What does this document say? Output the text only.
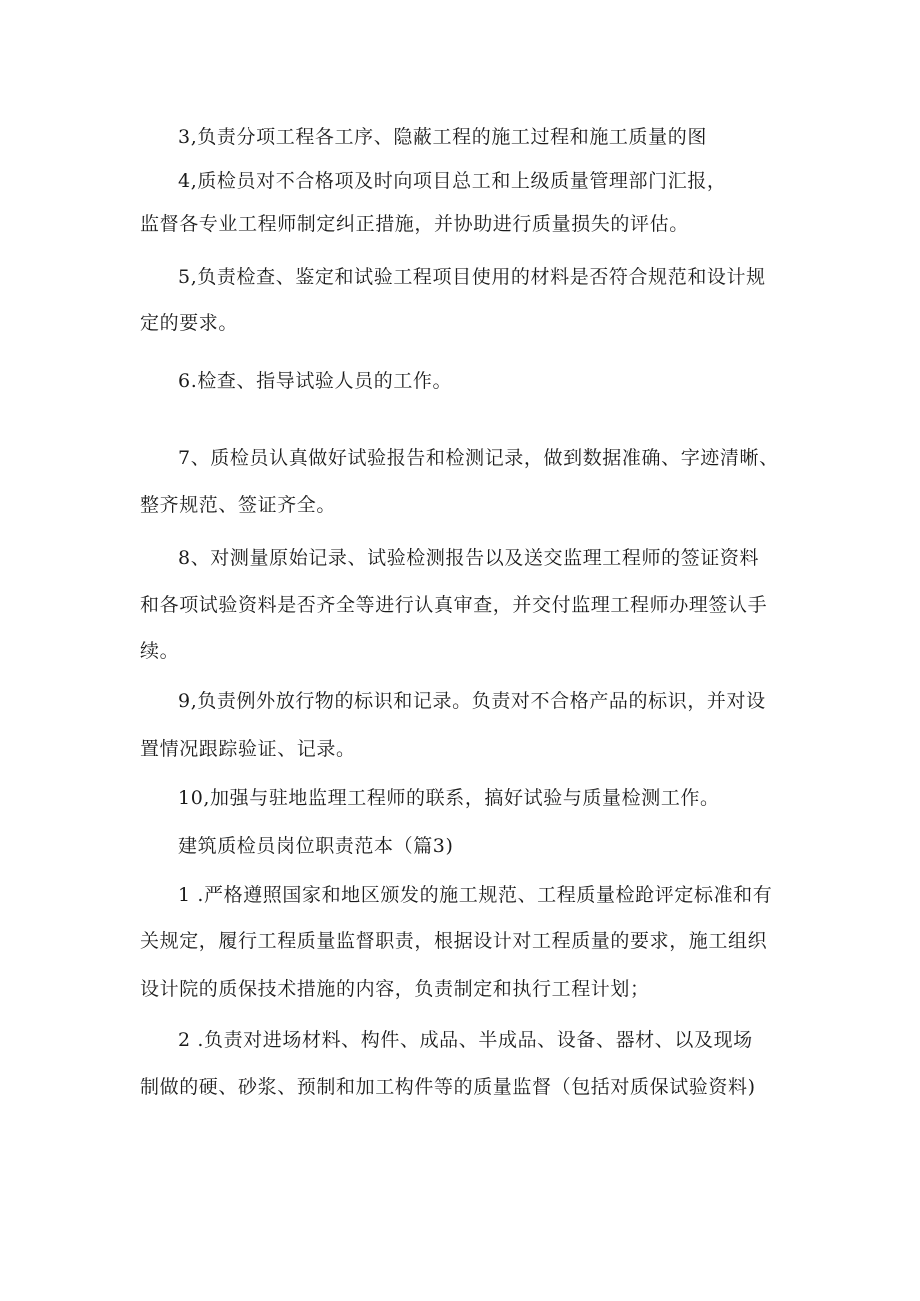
3,负责分项工程各工序、隐蔽工程的施工过程和施工质量的图
4,质检员对不合格项及时向项目总工和上级质量管理部门汇报，
监督各专业工程师制定纠正措施，并协助进行质量损失的评估。
5,负责检查、鉴定和试验工程项目使用的材料是否符合规范和设计规
定的要求。
6.检查、指导试验人员的工作。
7、质检员认真做好试验报告和检测记录，做到数据准确、字迹清晰、
整齐规范、签证齐全。
8、对测量原始记录、试验检测报告以及送交监理工程师的签证资料
和各项试验资料是否齐全等进行认真审查，并交付监理工程师办理签认手
续。
9,负责例外放行物的标识和记录。负责对不合格产品的标识，并对设
置情况跟踪验证、记录。
10,加强与驻地监理工程师的联系，搞好试验与质量检测工作。
建筑质检员岗位职责范本（篇3)
1 .严格遵照国家和地区颁发的施工规范、工程质量检跄评定标准和有
关规定，履行工程质量监督职责，根据设计对工程质量的要求，施工组织
设计院的质保技术措施的内容，负责制定和执行工程计划；
2 .负责对进场材料、构件、成品、半成品、设备、器材、以及现场
制做的硬、砂浆、预制和加工构件等的质量监督（包括对质保试验资料)
